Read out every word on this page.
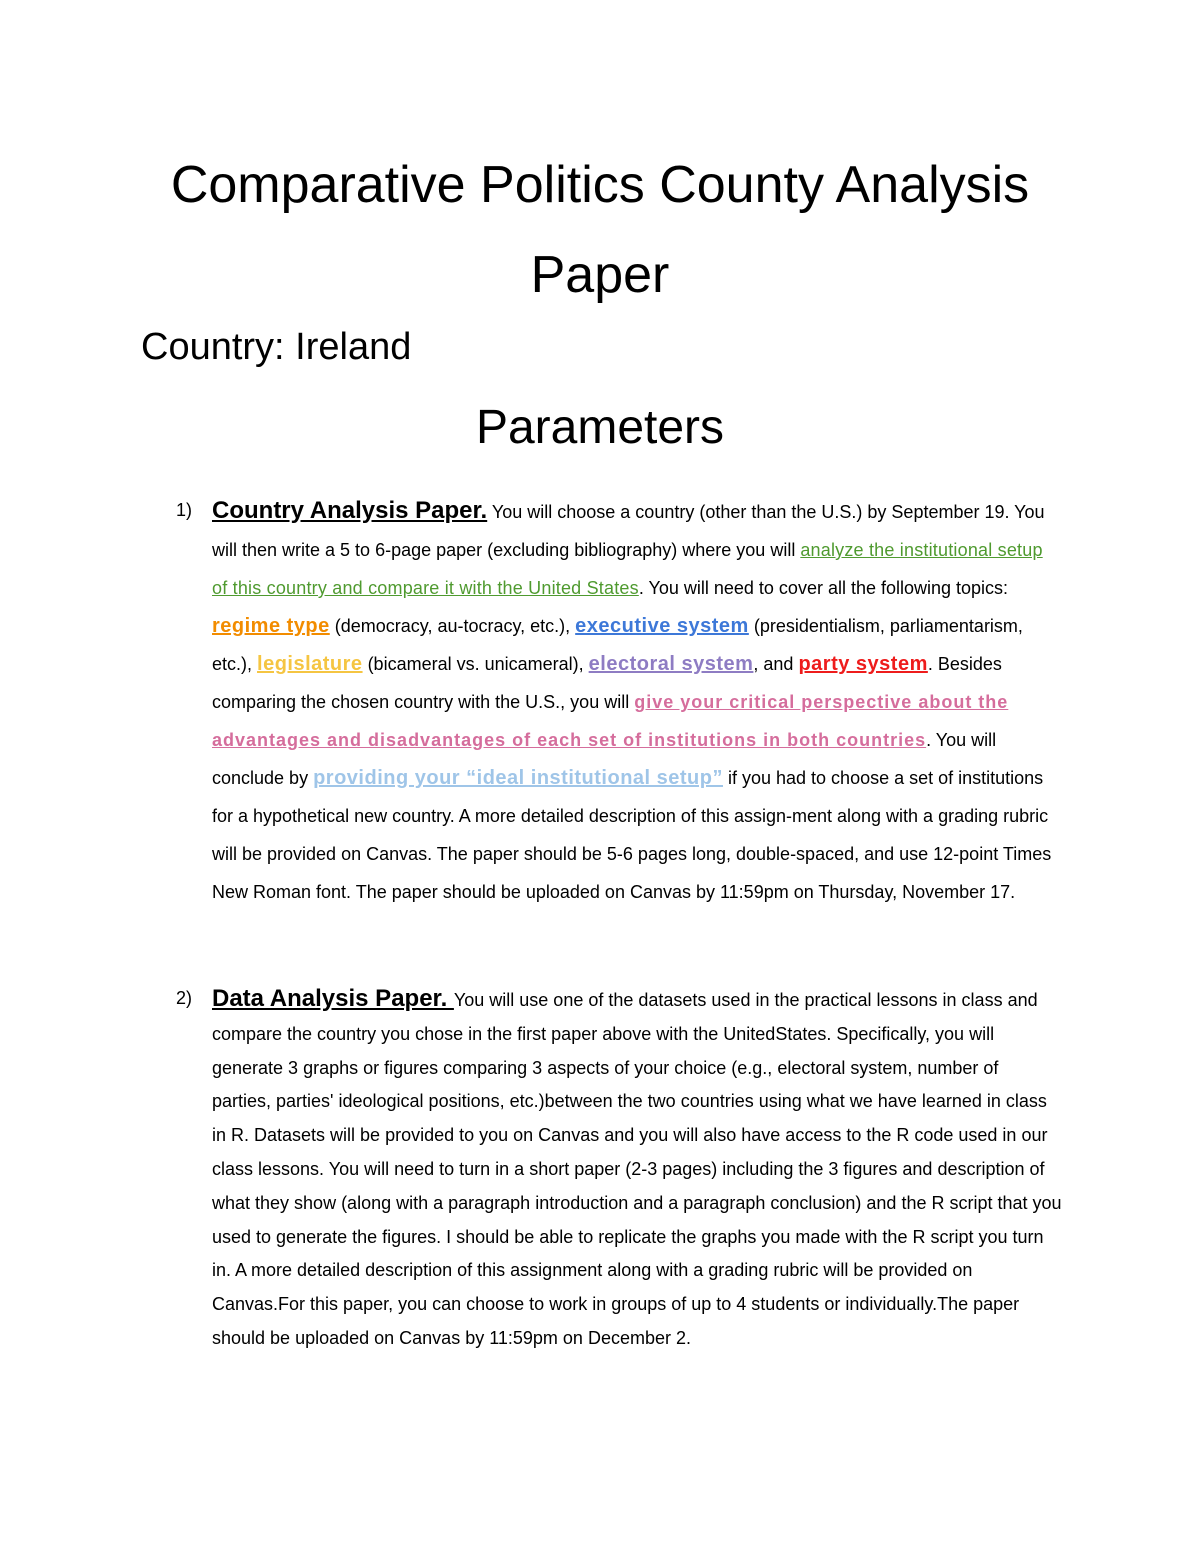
Comparative Politics County Analysis
Paper

Country: Ireland

Parameters
1) Country Analysis Paper. You will choose a country (other than the U.S.) by September 19. You will then write a 5 to 6-page paper (excluding bibliography) where you will analyze the institutional setup of this country and compare it with the United States. You will need to cover all the following topics: regime type (democracy, au-tocracy, etc.), executive system (presidentialism, parliamentarism, etc.), legislature (bicameral vs. unicameral), electoral system, and party system. Besides comparing the chosen country with the U.S., you will give your critical perspective about the advantages and disadvantages of each set of institutions in both countries. You will conclude by providing your “ideal institutional setup” if you had to choose a set of institutions for a hypothetical new country. A more detailed description of this assign-ment along with a grading rubric will be provided on Canvas. The paper should be 5-6 pages long, double-spaced, and use 12-point Times New Roman font. The paper should be uploaded on Canvas by 11:59pm on Thursday, November 17.
2) Data Analysis Paper. You will use one of the datasets used in the practical lessons in class and compare the country you chose in the first paper above with the UnitedStates. Specifically, you will generate 3 graphs or figures comparing 3 aspects of your choice (e.g., electoral system, number of parties, parties' ideological positions, etc.)between the two countries using what we have learned in class in R. Datasets will be provided to you on Canvas and you will also have access to the R code used in our class lessons. You will need to turn in a short paper (2-3 pages) including the 3 figures and description of what they show (along with a paragraph introduction and a paragraph conclusion) and the R script that you used to generate the figures. I should be able to replicate the graphs you made with the R script you turn in. A more detailed description of this assignment along with a grading rubric will be provided on Canvas.For this paper, you can choose to work in groups of up to 4 students or individually.The paper should be uploaded on Canvas by 11:59pm on December 2.
